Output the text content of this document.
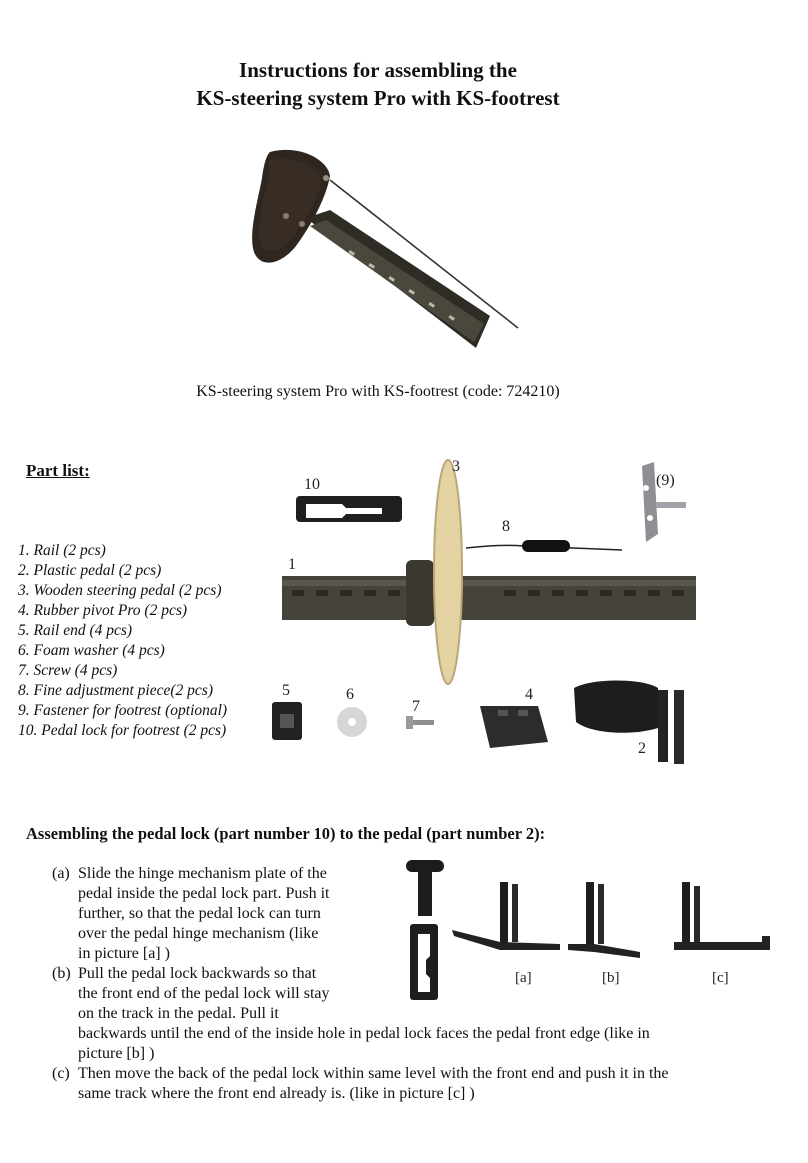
Instructions for assembling the
KS-steering system Pro with KS-footrest
KS-steering system Pro with KS-footrest (code: 724210)
Part list:
1. Rail (2 pcs)
2. Plastic pedal (2 pcs)
3. Wooden steering pedal (2 pcs)
4. Rubber pivot Pro (2 pcs)
5. Rail end (4 pcs)
6. Foam washer (4 pcs)
7. Screw (4 pcs)
8. Fine adjustment piece(2 pcs)
9. Fastener for footrest (optional)
10. Pedal lock for footrest (2 pcs)
10
3
(9)
8
1
5	6
7
4
2
Assembling the pedal lock (part number 10) to the pedal (part number 2):
(a) Slide the hinge mechanism plate of the
pedal inside the pedal lock part. Push it
further, so that the pedal lock can turn
over the pedal hinge mechanism (like
in picture [a] )
(b) Pull the pedal lock backwards so that
the front end of the pedal lock will stay
on the track in the pedal. Pull it
backwards until the end of the inside hole in pedal lock faces the pedal front edge (like in
picture [b] )
(c) Then move the back of the pedal lock within same level with the front end and push it in the
same track where the front end already is. (like in picture [c] )
[a]	[b]	[c]
